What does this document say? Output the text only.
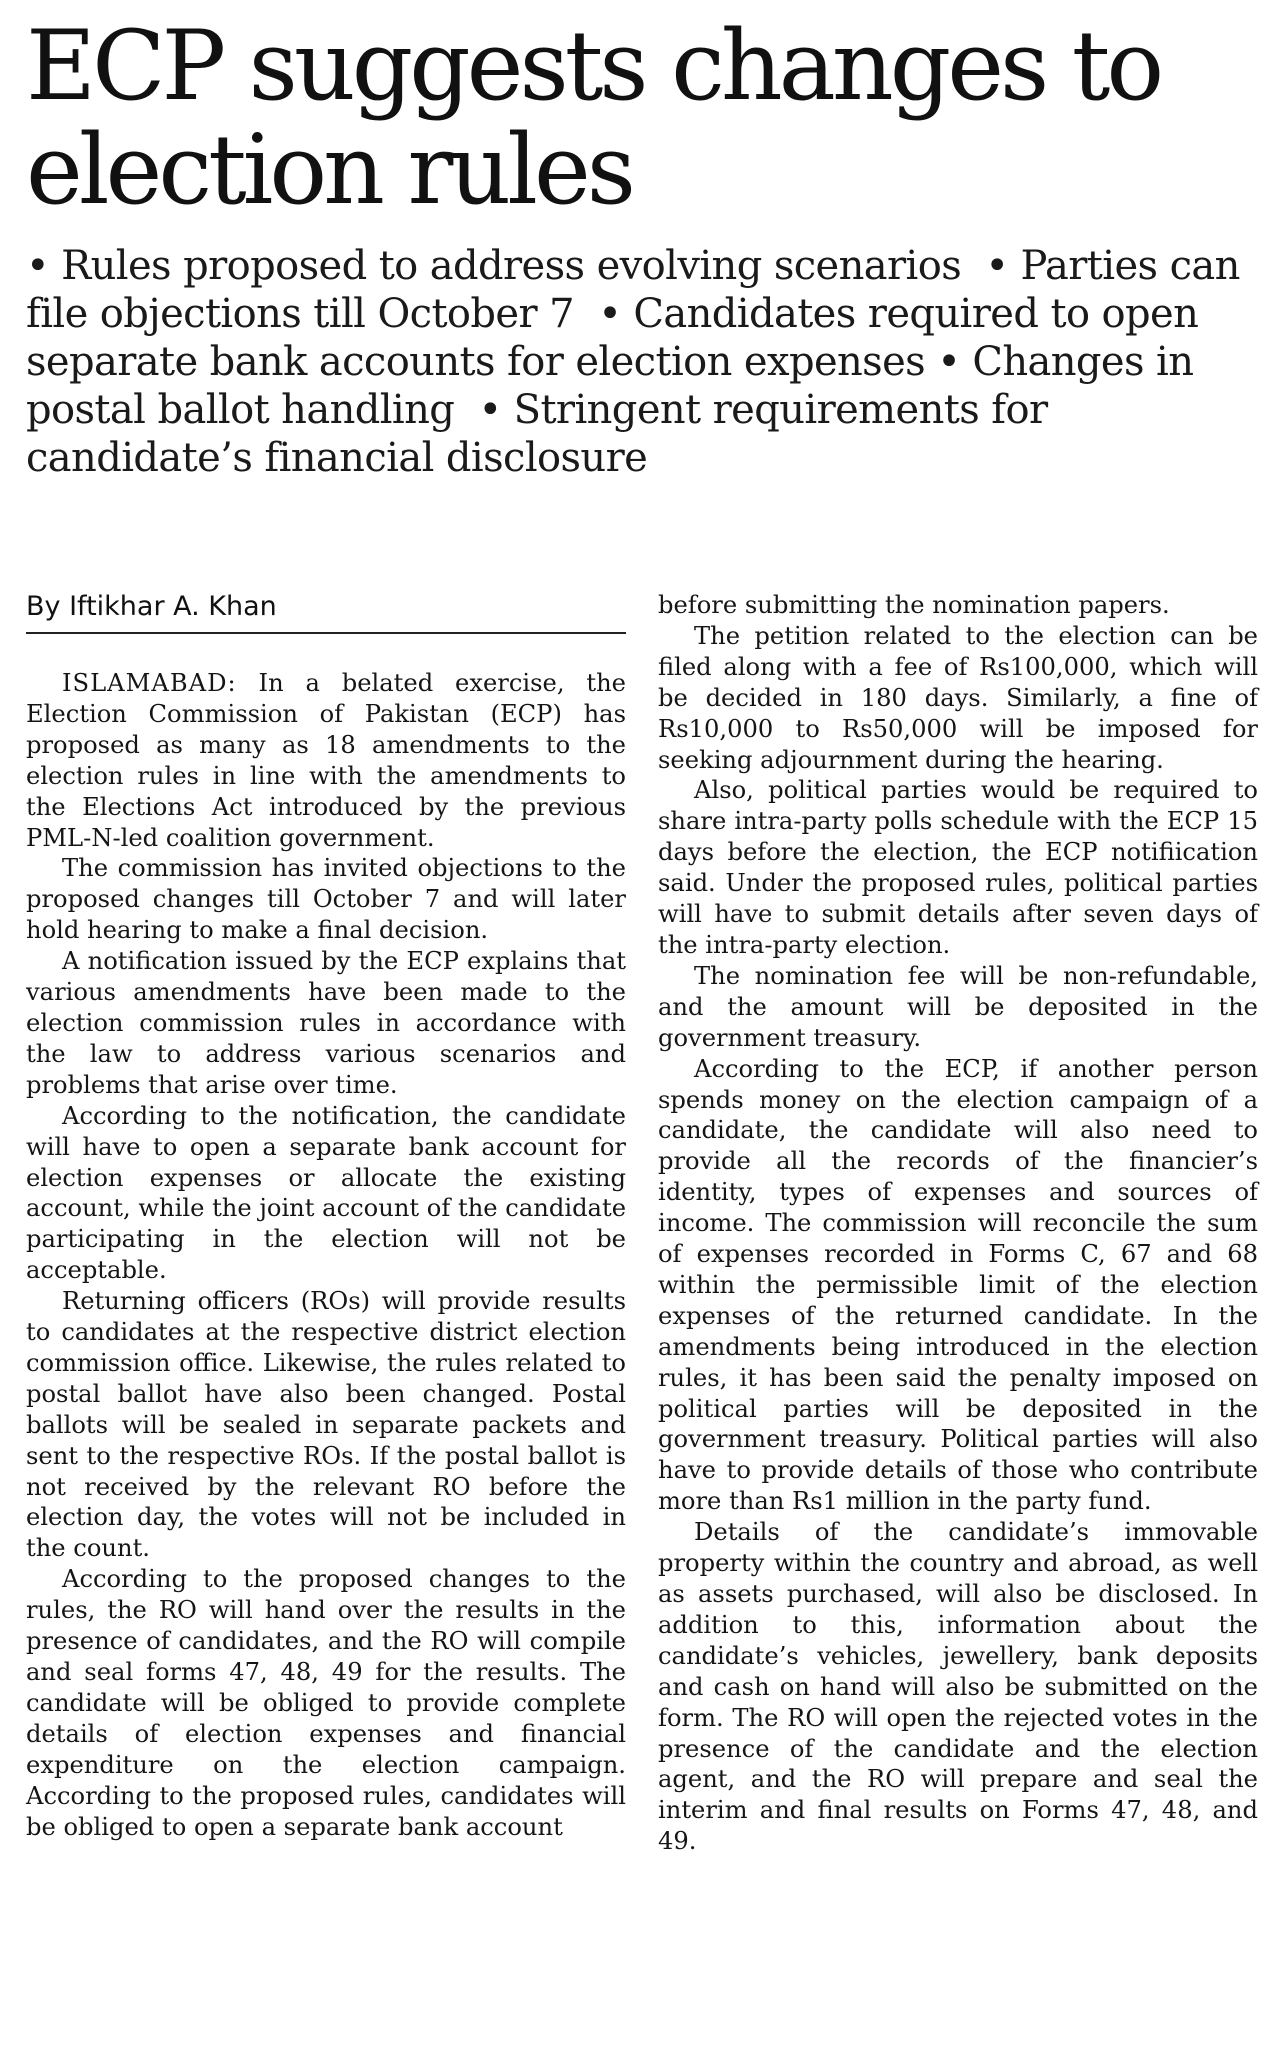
ECP suggests changes to election rules
• Rules proposed to address evolving scenarios  • Parties can file objections till October 7  • Candidates required to open separate bank accounts for election expenses • Changes in postal ballot handling  • Stringent requirements for candidate’s financial disclosure
By Iftikhar A. Khan

ISLAMABAD: In a belated exercise, the Election Commission of Pakistan (ECP) has proposed as many as 18 amendments to the election rules in line with the amendments to the Elections Act introduced by the previous PML-N-led coalition government.

The commission has invited objections to the proposed changes till October 7 and will later hold hearing to make a final decision.

A notification issued by the ECP explains that various amendments have been made to the election commission rules in accordance with the law to address various scenarios and problems that arise over time.

According to the notification, the candidate will have to open a separate bank account for election expenses or allocate the existing account, while the joint account of the candidate participating in the election will not be acceptable.

Returning officers (ROs) will provide results to candidates at the respective district election commission office. Likewise, the rules related to postal ballot have also been changed. Postal ballots will be sealed in separate packets and sent to the respective ROs. If the postal ballot is not received by the relevant RO before the election day, the votes will not be included in the count.

According to the proposed changes to the rules, the RO will hand over the results in the presence of candidates, and the RO will compile and seal forms 47, 48, 49 for the results. The candidate will be obliged to provide complete details of election expenses and financial expenditure on the election campaign. According to the proposed rules, candidates will be obliged to open a separate bank account

before submitting the nomination papers.

The petition related to the election can be filed along with a fee of Rs100,000, which will be decided in 180 days. Similarly, a fine of Rs10,000 to Rs50,000 will be imposed for seeking adjournment during the hearing.

Also, political parties would be required to share intra-party polls schedule with the ECP 15 days before the election, the ECP notifiication said. Under the proposed rules, political parties will have to submit details after seven days of the intra-party election.

The nomination fee will be non-refundable, and the amount will be deposited in the government treasury.

According to the ECP, if another person spends money on the election campaign of a candidate, the candidate will also need to provide all the records of the financier’s identity, types of expenses and sources of income. The commission will reconcile the sum of expenses recorded in Forms C, 67 and 68 within the permissible limit of the election expenses of the returned candidate. In the amendments being introduced in the election rules, it has been said the penalty imposed on political parties will be deposited in the government treasury. Political parties will also have to provide details of those who contribute more than Rs1 million in the party fund.

Details of the candidate’s immovable property within the country and abroad, as well as assets purchased, will also be disclosed. In addition to this, information about the candidate’s vehicles, jewellery, bank deposits and cash on hand will also be submitted on the form. The RO will open the rejected votes in the presence of the candidate and the election agent, and the RO will prepare and seal the interim and final results on Forms 47, 48, and 49.
